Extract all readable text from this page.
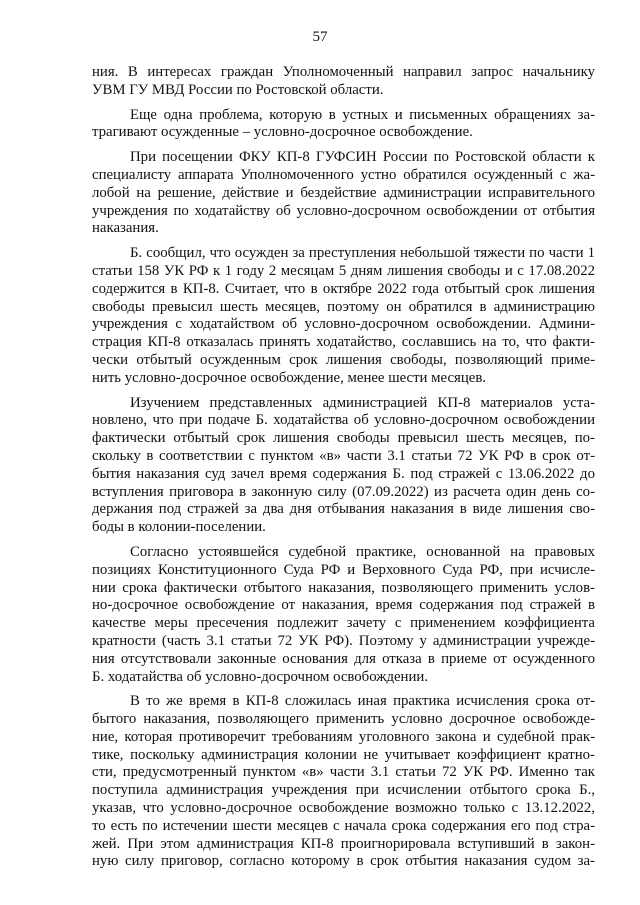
57
ния. В интересах граждан Уполномоченный направил запрос начальнику
УВМ ГУ МВД России по Ростовской области.
Еще одна проблема, которую в устных и письменных обращениях за-
трагивают осужденные – условно-досрочное освобождение.
При посещении ФКУ КП-8 ГУФСИН России по Ростовской области к
специалисту аппарата Уполномоченного устно обратился осужденный с жа-
лобой на решение, действие и бездействие администрации исправительного
учреждения по ходатайству об условно-досрочном освобождении от отбытия
наказания.
Б. сообщил, что осужден за преступления небольшой тяжести по части 1
статьи 158 УК РФ к 1 году 2 месяцам 5 дням лишения свободы и с 17.08.2022
содержится в КП-8. Считает, что в октябре 2022 года отбытый срок лишения
свободы превысил шесть месяцев, поэтому он обратился в администрацию
учреждения с ходатайством об условно-досрочном освобождении. Админи-
страция КП-8 отказалась принять ходатайство, сославшись на то, что факти-
чески отбытый осужденным срок лишения свободы, позволяющий приме-
нить условно-досрочное освобождение, менее шести месяцев.
Изучением представленных администрацией КП-8 материалов уста-
новлено, что при подаче Б. ходатайства об условно-досрочном освобождении
фактически отбытый срок лишения свободы превысил шесть месяцев, по-
скольку в соответствии с пунктом «в» части 3.1 статьи 72 УК РФ в срок от-
бытия наказания суд зачел время содержания Б. под стражей с 13.06.2022 до
вступления приговора в законную силу (07.09.2022) из расчета один день со-
держания под стражей за два дня отбывания наказания в виде лишения сво-
боды в колонии-поселении.
Согласно устоявшейся судебной практике, основанной на правовых
позициях Конституционного Суда РФ и Верховного Суда РФ, при исчисле-
нии срока фактически отбытого наказания, позволяющего применить услов-
но-досрочное освобождение от наказания, время содержания под стражей в
качестве меры пресечения подлежит зачету с применением коэффициента
кратности (часть 3.1 статьи 72 УК РФ). Поэтому у администрации учрежде-
ния отсутствовали законные основания для отказа в приеме от осужденного
Б. ходатайства об условно-досрочном освобождении.
В то же время в КП-8 сложилась иная практика исчисления срока от-
бытого наказания, позволяющего применить условно досрочное освобожде-
ние, которая противоречит требованиям уголовного закона и судебной прак-
тике, поскольку администрация колонии не учитывает коэффициент кратно-
сти, предусмотренный пунктом «в» части 3.1 статьи 72 УК РФ. Именно так
поступила администрация учреждения при исчислении отбытого срока Б.,
указав, что условно-досрочное освобождение возможно только с 13.12.2022,
то есть по истечении шести месяцев с начала срока содержания его под стра-
жей. При этом администрация КП-8 проигнорировала вступивший в закон-
ную силу приговор, согласно которому в срок отбытия наказания судом за-
